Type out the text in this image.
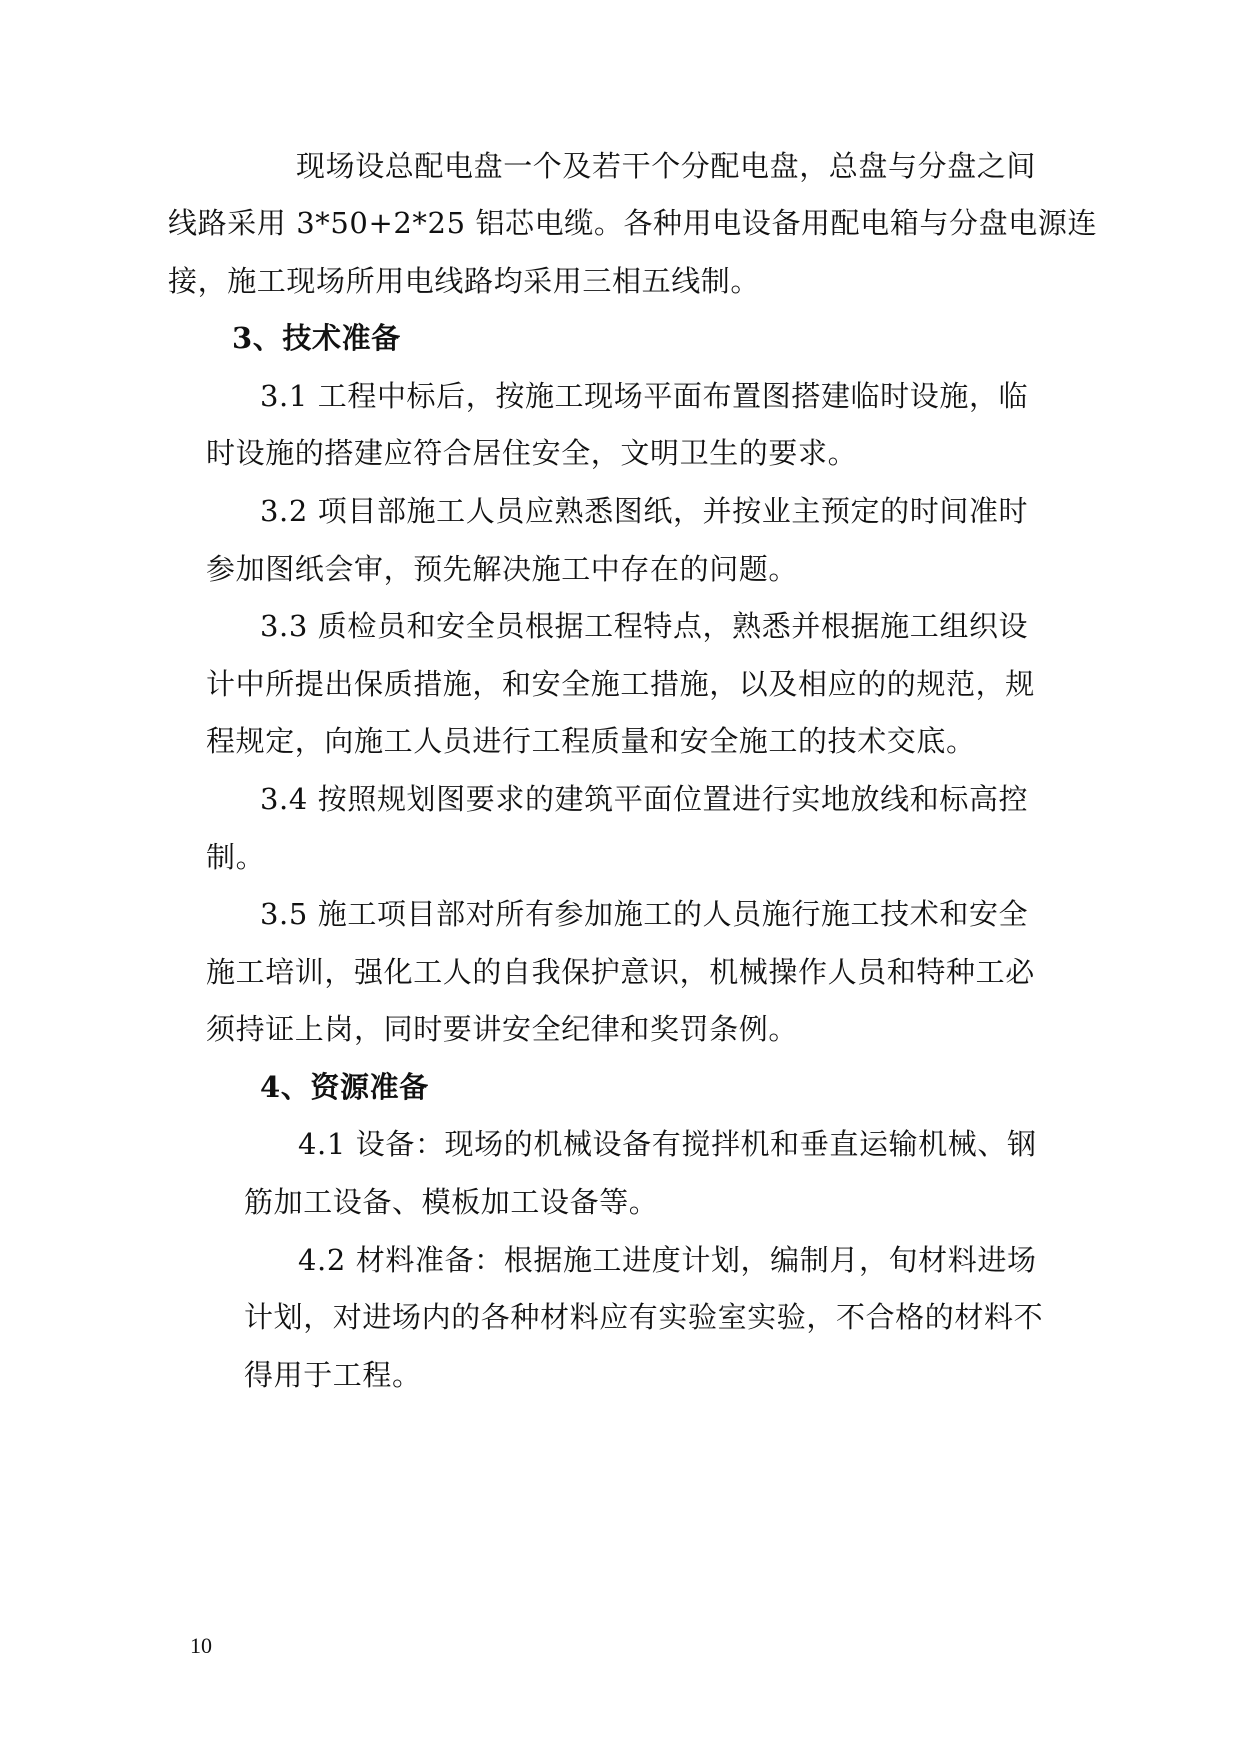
现场设总配电盘一个及若干个分配电盘，总盘与分盘之间
线路采用 3*50+2*25 铝芯电缆。各种用电设备用配电箱与分盘电源连
接，施工现场所用电线路均采用三相五线制。
3、技术准备
3.1 工程中标后，按施工现场平面布置图搭建临时设施，临
时设施的搭建应符合居住安全，文明卫生的要求。
3.2 项目部施工人员应熟悉图纸，并按业主预定的时间准时
参加图纸会审，预先解决施工中存在的问题。
3.3 质检员和安全员根据工程特点，熟悉并根据施工组织设
计中所提出保质措施，和安全施工措施，以及相应的的规范，规
程规定，向施工人员进行工程质量和安全施工的技术交底。
3.4 按照规划图要求的建筑平面位置进行实地放线和标高控
制。
3.5 施工项目部对所有参加施工的人员施行施工技术和安全
施工培训，强化工人的自我保护意识，机械操作人员和特种工必
须持证上岗，同时要讲安全纪律和奖罚条例。
4、资源准备
4.1 设备：现场的机械设备有搅拌机和垂直运输机械、钢
筋加工设备、模板加工设备等。
4.2 材料准备：根据施工进度计划，编制月，旬材料进场
计划，对进场内的各种材料应有实验室实验，不合格的材料不
得用于工程。
10
